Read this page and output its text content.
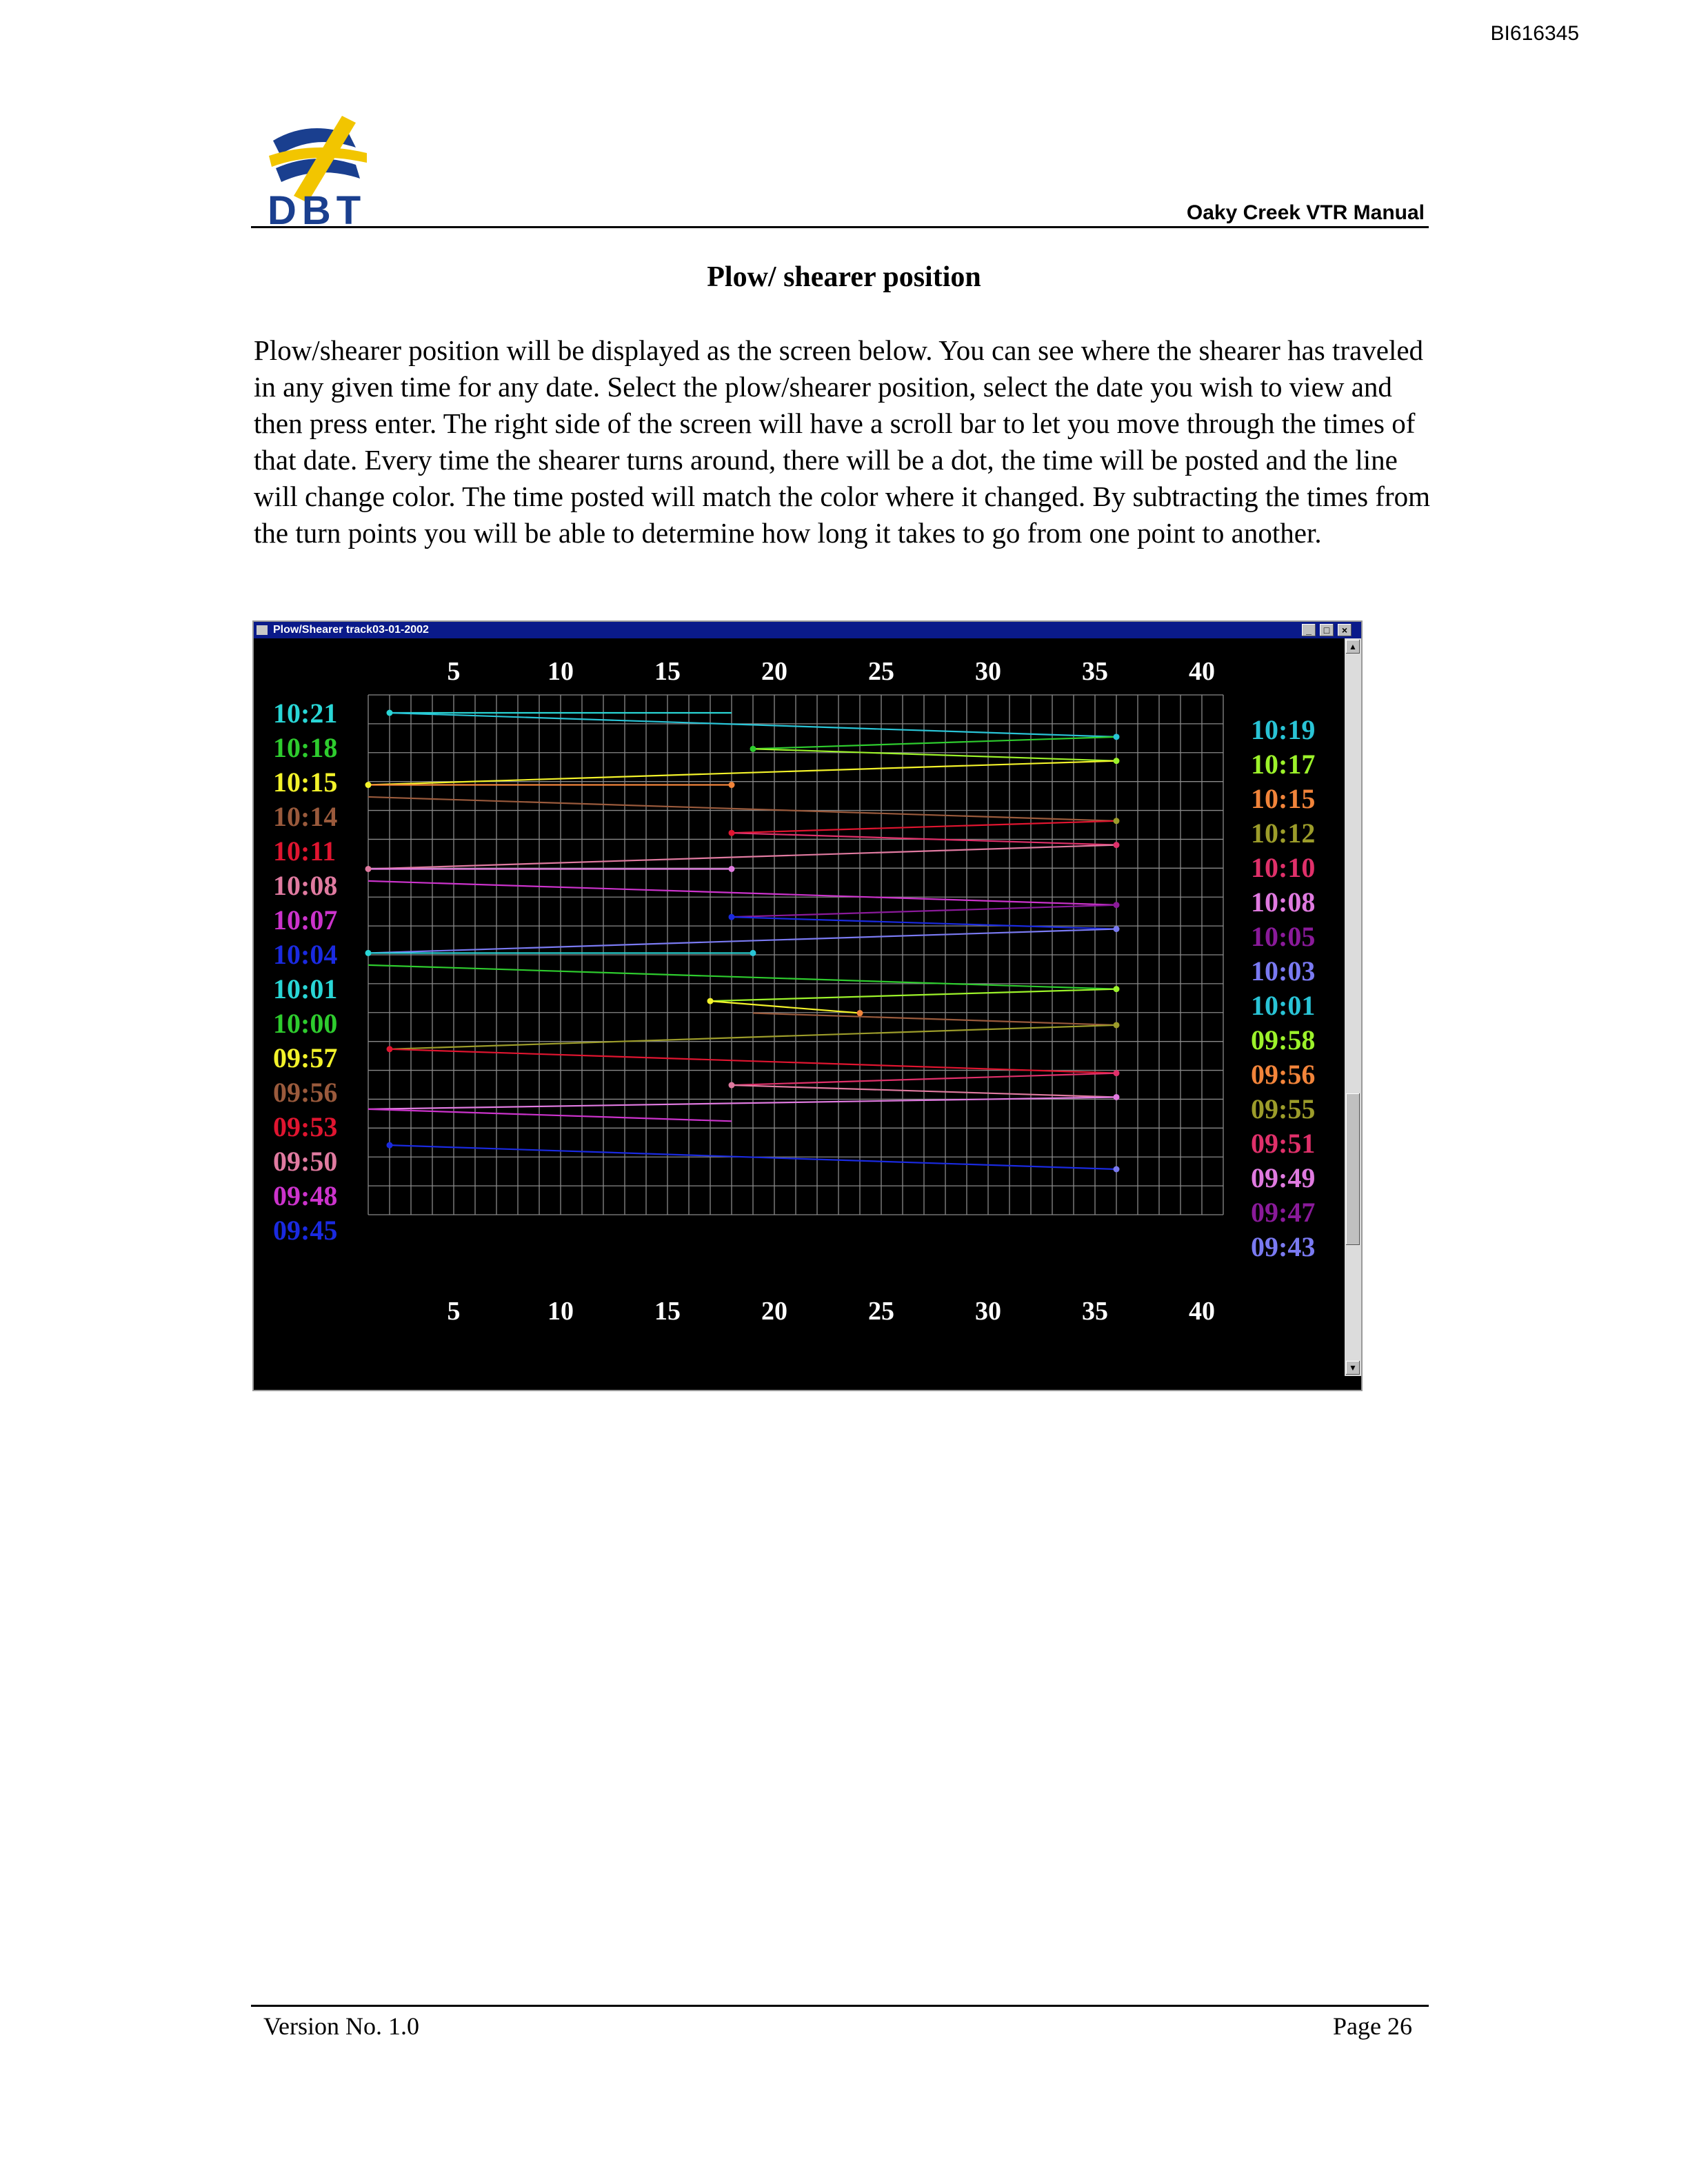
BI616345
DBT	Oaky Creek VTR Manual
Plow/ shearer position

Plow/shearer position will be displayed as the screen below. You can see where the shearer has traveled in any given time for any date. Select the plow/shearer position, select the date you wish to view and then press enter. The right side of the screen will have a scroll bar to let you move through the times of that date. Every time the shearer turns around, there will be a dot, the time will be posted and the line will change color. The time posted will match the color where it changed. By subtracting the times from the turn points you will be able to determine how long it takes to go from one point to another.

Plow/Shearer track03-01-2002	_	□	×
5
5
10
10
15
15
20
20
25
25
30
30
35
35
40
40
10:21
10:18
10:15
10:14
10:11
10:08
10:07
10:04
10:01
10:00
09:57
09:56
09:53
09:50
09:48
09:45
10:19
10:17
10:15
10:12
10:10
10:08
10:05
10:03
10:01
09:58
09:56
09:55
09:51
09:49
09:47
09:43
▲
▼
Version No. 1.0	Page 26
